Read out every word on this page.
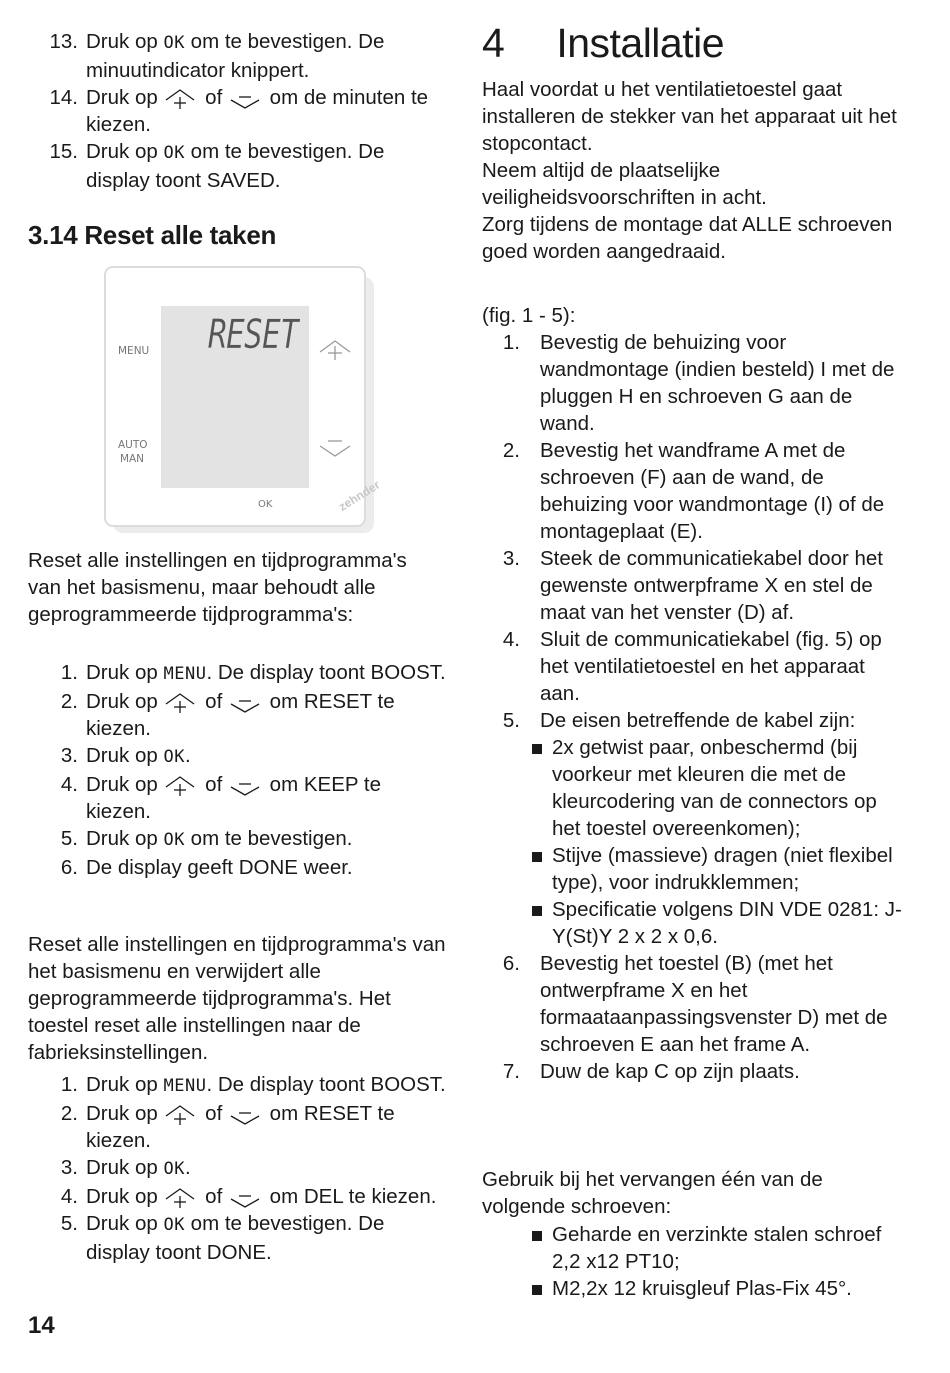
13. Druk op OK om te bevestigen. De minuutindicator knippert.
14. Druk op
of
om de minuten te kiezen.
15. Druk op OK om te bevestigen. De display toont SAVED.
3.14 Reset alle taken
RESET
MENU
AUTO
MAN
OK	zehnder

Reset alle instellingen en tijdprogramma's van het basismenu, maar behoudt alle geprogrammeerde tijdprogramma's:

1. Druk op MENU. De display toont BOOST.
2. Druk op
of
om RESET te kiezen.
3. Druk op OK.
4. Druk op
of
om KEEP te kiezen.
5. Druk op OK om te bevestigen.
6. De display geeft DONE weer.

Reset alle instellingen en tijdprogramma's van het basismenu en verwijdert alle geprogrammeerde tijdprogramma's. Het toestel reset alle instellingen naar de fabrieksinstellingen.

1. Druk op MENU. De display toont BOOST.
2. Druk op
of
om RESET te kiezen.
3. Druk op OK.
4. Druk op
of
om DEL te kiezen.
5. Druk op OK om te bevestigen. De display toont DONE.
14
4 Installatie

Haal voordat u het ventilatietoestel gaat installeren de stekker van het apparaat uit het stopcontact.

Neem altijd de plaatselijke veiligheidsvoorschriften in acht.

Zorg tijdens de montage dat ALLE schroeven goed worden aangedraaid.

(fig. 1 - 5):

1. Bevestig de behuizing voor wandmontage (indien besteld) I met de pluggen H en schroeven G aan de wand.
2. Bevestig het wandframe A met de schroeven (F) aan de wand, de behuizing voor wandmontage (I) of de montageplaat (E).
3. Steek de communicatiekabel door het gewenste ontwerpframe X en stel de maat van het venster (D) af.
4. Sluit de communicatiekabel (fig. 5) op het ventilatietoestel en het apparaat aan.
5. De eisen betreffende de kabel zijn:
2x getwist paar, onbeschermd (bij voorkeur met kleuren die met de kleurcodering van de connectors op het toestel overeenkomen);
Stijve (massieve) dragen (niet flexibel type), voor indrukklemmen;
Specificatie volgens DIN VDE 0281: J-Y(St)Y 2 x 2 x 0,6.
6. Bevestig het toestel (B) (met het ontwerpframe X en het formaataanpassingsvenster D) met de schroeven E aan het frame A.
7. Duw de kap C op zijn plaats.

Gebruik bij het vervangen één van de volgende schroeven:

Geharde en verzinkte stalen schroef 2,2 x12 PT10;
M2,2x 12 kruisgleuf Plas-Fix 45°.
